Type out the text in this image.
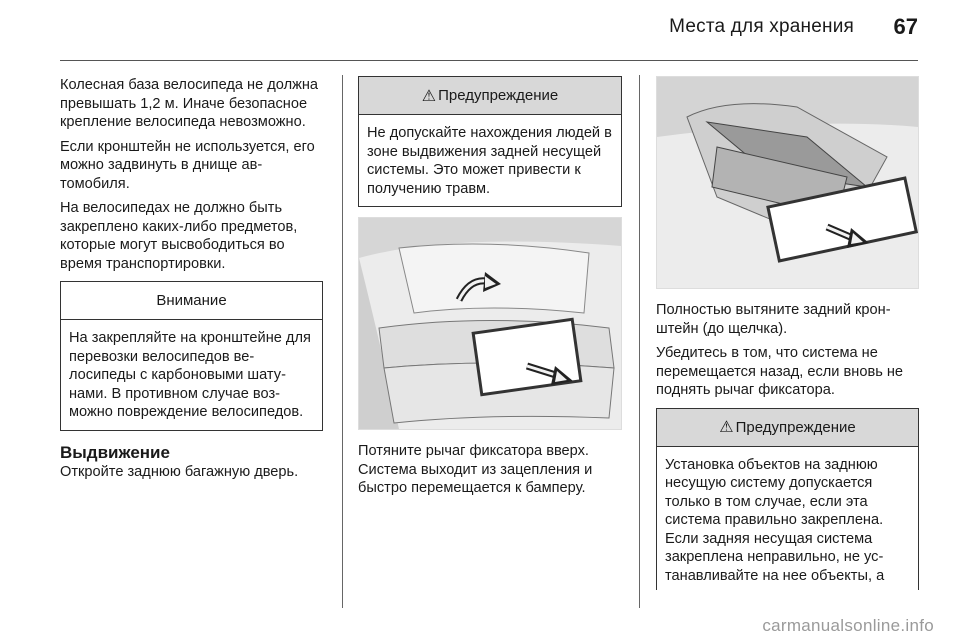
Места для хранения 67

Колесная база велосипеда не должна превышать 1,2 м. Иначе безопасное крепление велосипеда невозможно.

Если кронштейн не используется, его можно задвинуть в днище автомобиля.

На велосипедах не должно быть закреплено каких-либо предметов, которые могут высвободиться во время транспортировки.

Внимание
На закрепляйте на кронштейне для перевозки велосипедов велосипеды с карбоновыми шатунами. В противном случае возможно повреждение велосипедов.
Выдвижение

Откройте заднюю багажную дверь.

⚠ Предупреждение
Не допускайте нахождения людей в зоне выдвижения задней несущей системы. Это может привести к получению травм.

Потяните рычаг фиксатора вверх. Система выходит из зацепления и быстро перемещается к бамперу.

Полностью вытяните задний кронштейн (до щелчка).

Убедитесь в том, что система не перемещается назад, если вновь не поднять рычаг фиксатора.

⚠ Предупреждение
Установка объектов на заднюю несущую систему допускается только в том случае, если эта система правильно закреплена. Если задняя несущая система закреплена неправильно, не устанавливайте на нее объекты, а
carmanualsonline.info
